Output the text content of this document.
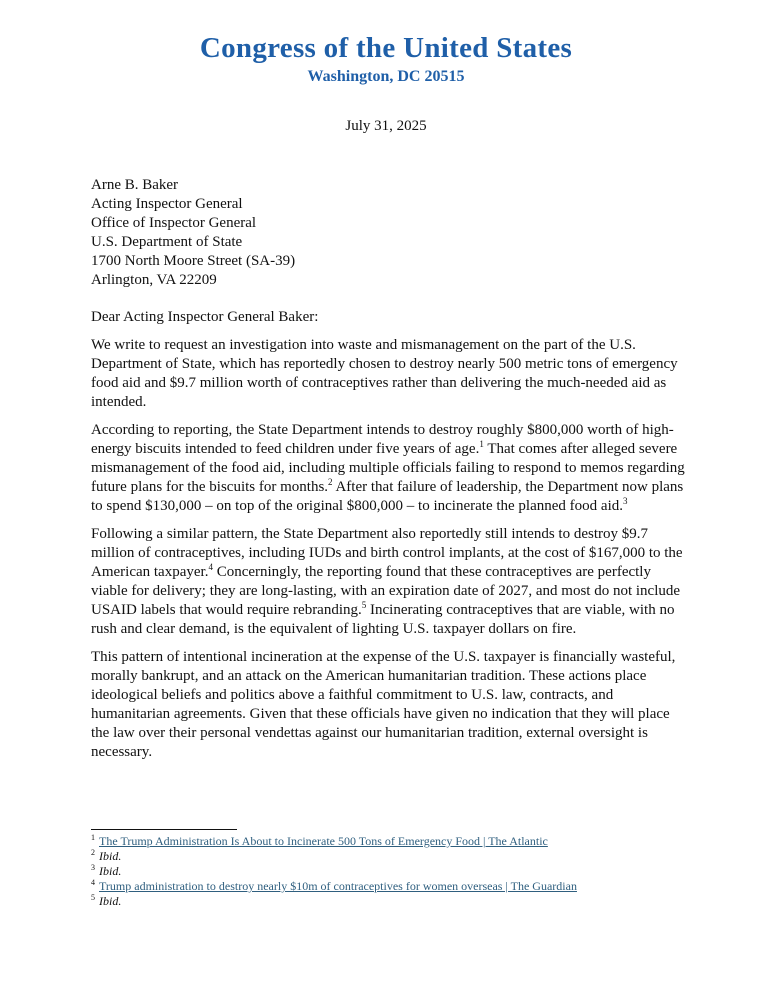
Congress of the United States
Washington, DC 20515
July 31, 2025
Arne B. Baker
Acting Inspector General
Office of Inspector General
U.S. Department of State
1700 North Moore Street (SA-39)
Arlington, VA 22209
Dear Acting Inspector General Baker:

We write to request an investigation into waste and mismanagement on the part of the U.S. Department of State, which has reportedly chosen to destroy nearly 500 metric tons of emergency food aid and $9.7 million worth of contraceptives rather than delivering the much-needed aid as intended.

According to reporting, the State Department intends to destroy roughly $800,000 worth of high-energy biscuits intended to feed children under five years of age.$^1$ That comes after alleged severe mismanagement of the food aid, including multiple officials failing to respond to memos regarding future plans for the biscuits for months.$^2$ After that failure of leadership, the Department now plans to spend $130,000 – on top of the original $800,000 – to incinerate the planned food aid.$^3$

Following a similar pattern, the State Department also reportedly still intends to destroy $9.7 million of contraceptives, including IUDs and birth control implants, at the cost of $167,000 to the American taxpayer.$^4$ Concerningly, the reporting found that these contraceptives are perfectly viable for delivery; they are long-lasting, with an expiration date of 2027, and most do not include USAID labels that would require rebranding.$^5$ Incinerating contraceptives that are viable, with no rush and clear demand, is the equivalent of lighting U.S. taxpayer dollars on fire.

This pattern of intentional incineration at the expense of the U.S. taxpayer is financially wasteful, morally bankrupt, and an attack on the American humanitarian tradition. These actions place ideological beliefs and politics above a faithful commitment to U.S. law, contracts, and humanitarian agreements. Given that these officials have given no indication that they will place the law over their personal vendettas against our humanitarian tradition, external oversight is necessary.

$^1$ The Trump Administration Is About to Incinerate 500 Tons of Emergency Food | The Atlantic
$^2$ Ibid.
$^3$ Ibid.
$^4$ Trump administration to destroy nearly $10m of contraceptives for women overseas | The Guardian
$^5$ Ibid.
